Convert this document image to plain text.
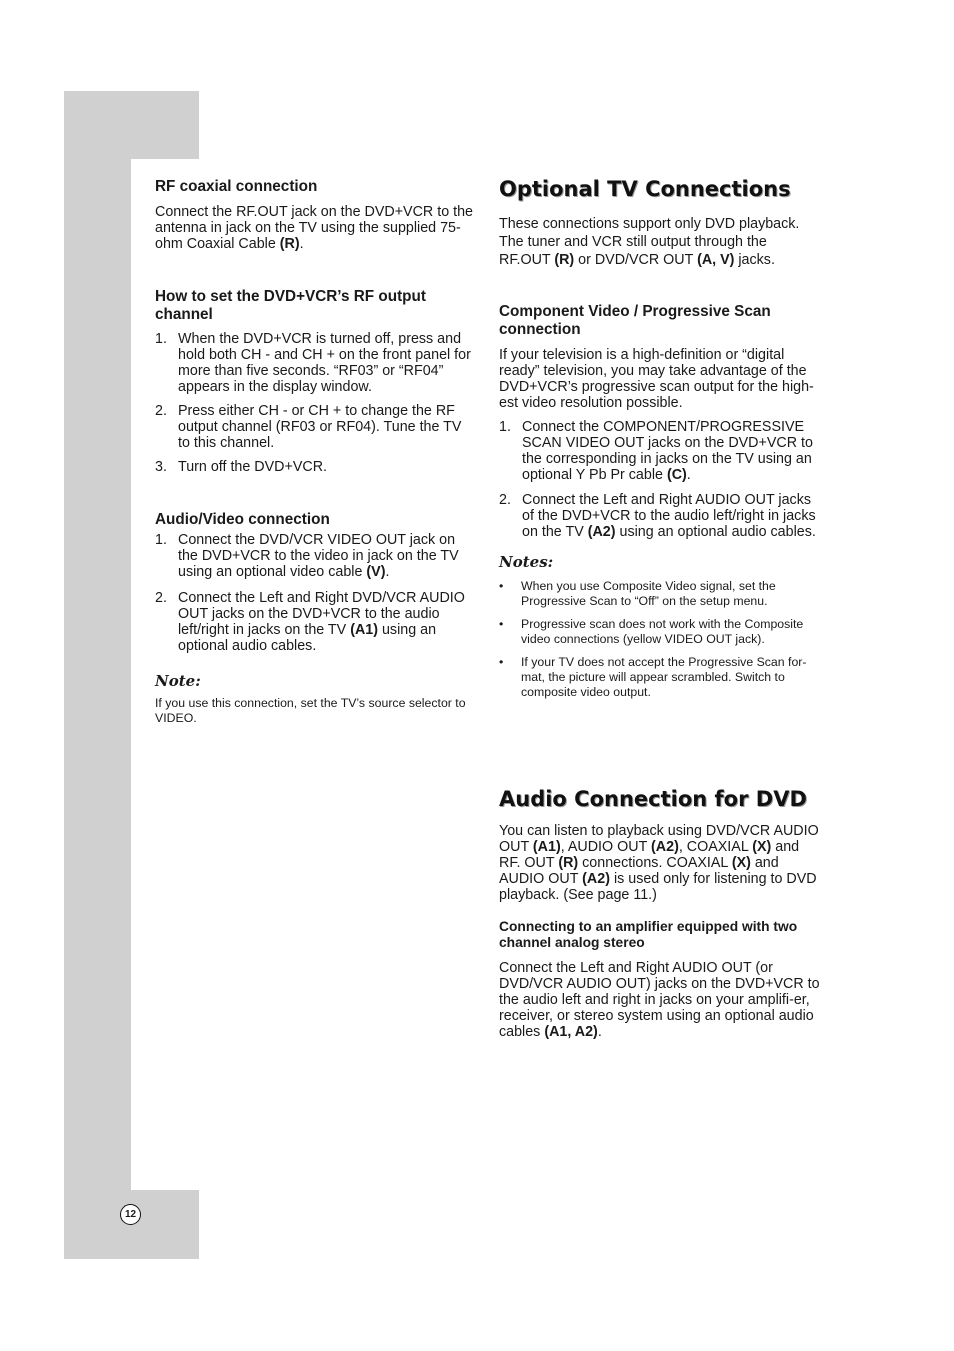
12

RF coaxial connection

Connect the RF.OUT jack on the DVD+VCR to the antenna in jack on the TV using the supplied 75-ohm Coaxial Cable (R).

How to set the DVD+VCR’s RF output channel

1. When the DVD+VCR is turned off, press and hold both CH - and CH + on the front panel for more than five seconds. “RF03” or “RF04” appears in the display window.
2. Press either CH - or CH + to change the RF output channel (RF03 or RF04). Tune the TV to this channel.
3. Turn off the DVD+VCR.

Audio/Video connection

1. Connect the DVD/VCR VIDEO OUT jack on the DVD+VCR to the video in jack on the TV using an optional video cable (V).
2. Connect the Left and Right DVD/VCR AUDIO OUT jacks on the DVD+VCR to the audio left/right in jacks on the TV (A1) using an optional audio cables.

Note:

If you use this connection, set the TV’s source selector to VIDEO.

Optional TV Connections

These connections support only DVD playback. The tuner and VCR still output through the RF.OUT (R) or DVD/VCR OUT (A, V) jacks.

Component Video / Progressive Scan connection

If your television is a high-definition or “digital ready” television, you may take advantage of the DVD+VCR’s progressive scan output for the high-est video resolution possible.

1. Connect the COMPONENT/PROGRESSIVE SCAN VIDEO OUT jacks on the DVD+VCR to the corresponding in jacks on the TV using an optional Y Pb Pr cable (C).
2. Connect the Left and Right AUDIO OUT jacks of the DVD+VCR to the audio left/right in jacks on the TV (A2) using an optional audio cables.

Notes:

• When you use Composite Video signal, set the Progressive Scan to “Off” on the setup menu.
• Progressive scan does not work with the Composite video connections (yellow VIDEO OUT jack).
• If your TV does not accept the Progressive Scan for-mat, the picture will appear scrambled. Switch to composite video output.

Audio Connection for DVD

You can listen to playback using DVD/VCR AUDIO OUT (A1), AUDIO OUT (A2), COAXIAL (X) and RF. OUT (R) connections. COAXIAL (X) and AUDIO OUT (A2) is used only for listening to DVD playback. (See page 11.)

Connecting to an amplifier equipped with two channel analog stereo

Connect the Left and Right AUDIO OUT (or DVD/VCR AUDIO OUT) jacks on the DVD+VCR to the audio left and right in jacks on your amplifi-er, receiver, or stereo system using an optional audio cables (A1, A2).
